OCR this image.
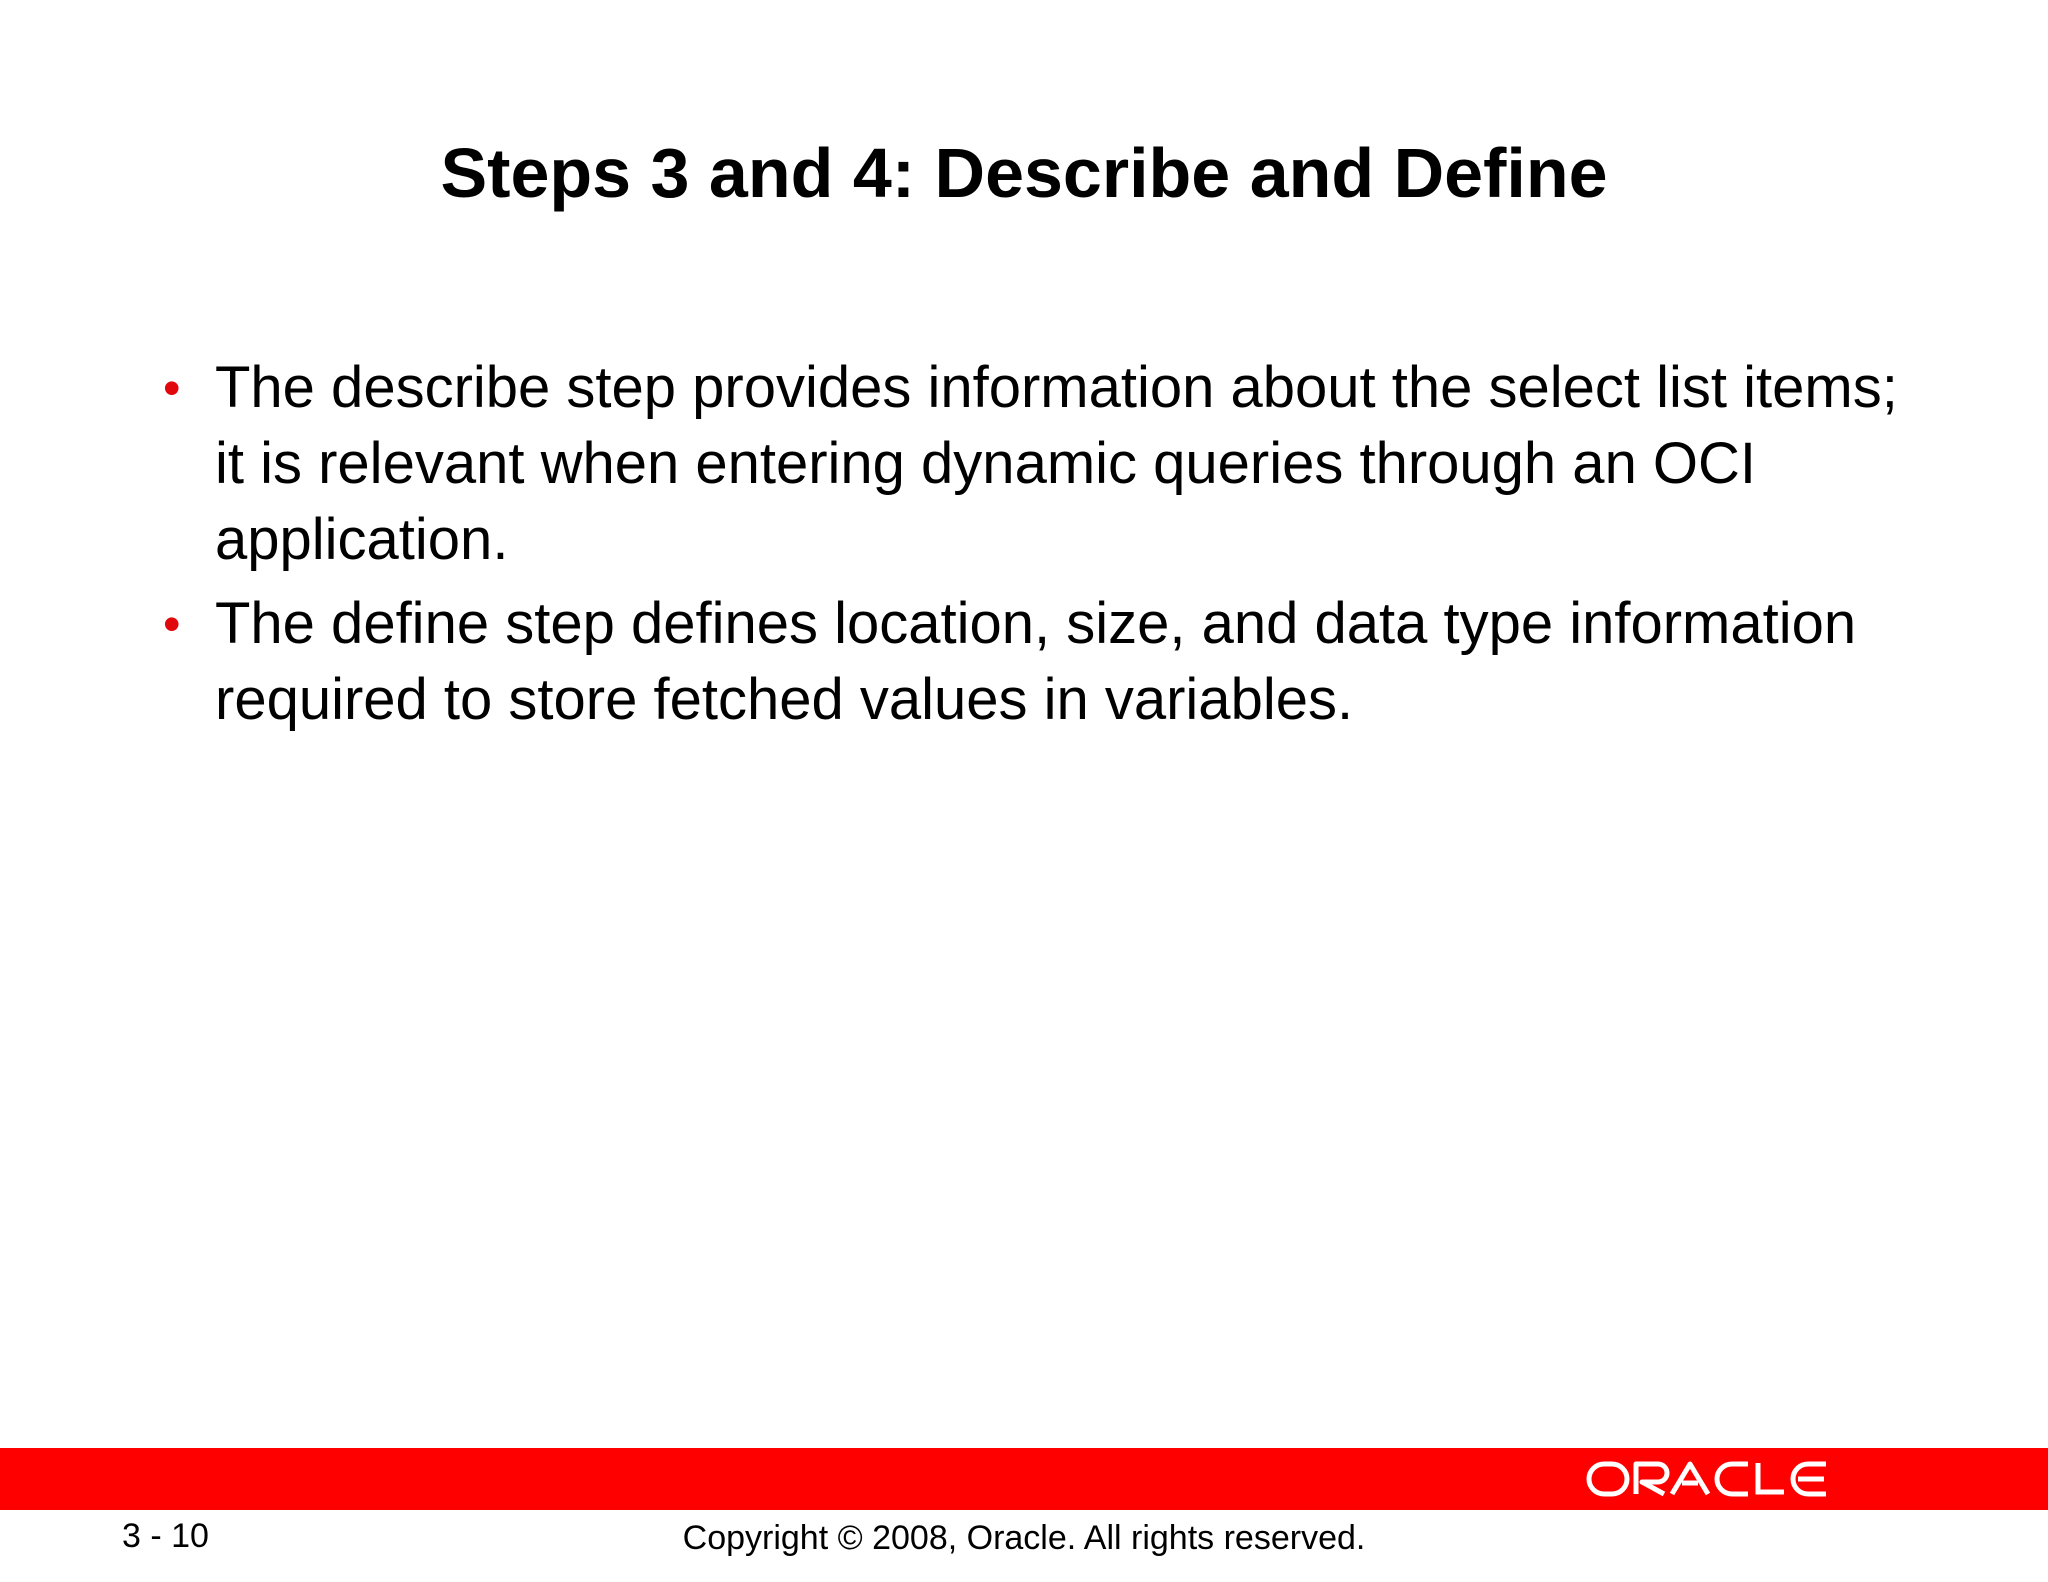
Steps 3 and 4: Describe and Define
• The describe step provides information about the select list items; it is relevant when entering dynamic queries through an OCI application.
• The define step defines location, size, and data type information required to store fetched values in variables.
3 - 10	Copyright © 2008, Oracle. All rights reserved.
